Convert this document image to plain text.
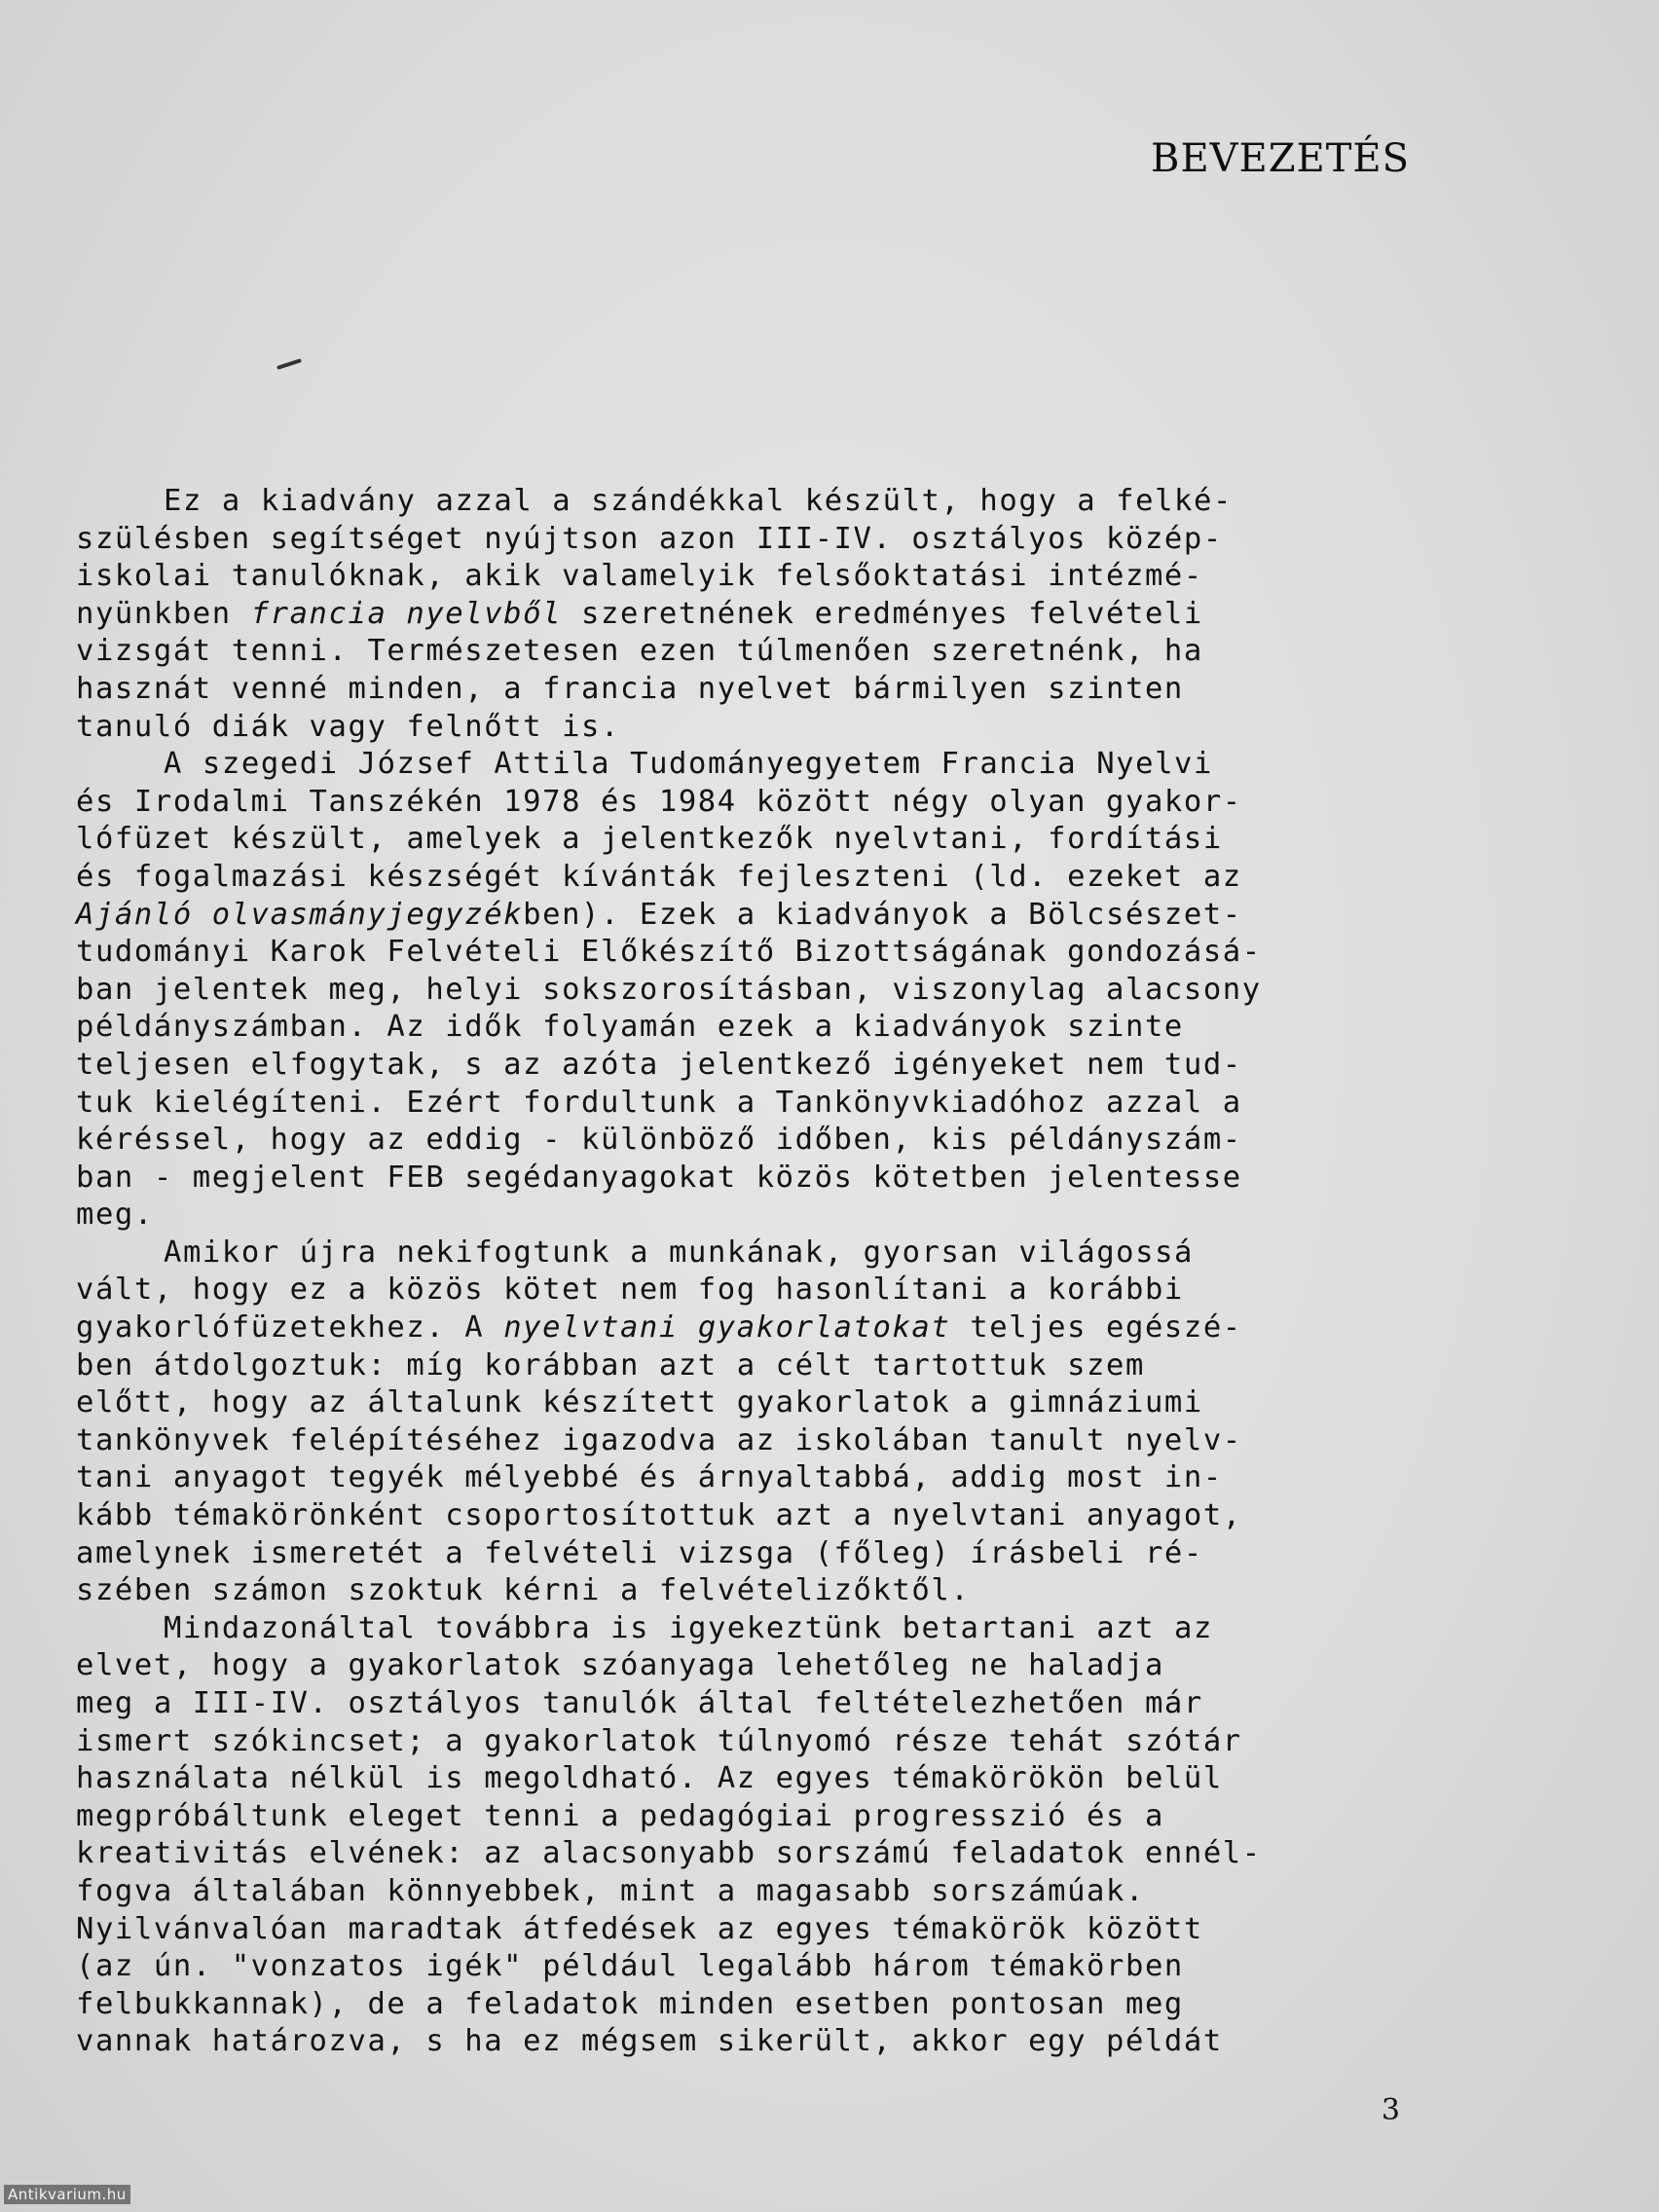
BEVEZETÉS
Ez a kiadvány azzal a szándékkal készült, hogy a felké-
szülésben segítséget nyújtson azon III-IV. osztályos közép-
iskolai tanulóknak, akik valamelyik felsőoktatási intézmé-
nyünkben francia nyelvből szeretnének eredményes felvételi
vizsgát tenni. Természetesen ezen túlmenően szeretnénk, ha
hasznát venné minden, a francia nyelvet bármilyen szinten
tanuló diák vagy felnőtt is.
A szegedi József Attila Tudományegyetem Francia Nyelvi
és Irodalmi Tanszékén 1978 és 1984 között négy olyan gyakor-
lófüzet készült, amelyek a jelentkezők nyelvtani, fordítási
és fogalmazási készségét kívánták fejleszteni (ld. ezeket az
Ajánló olvasmányjegyzékben). Ezek a kiadványok a Bölcsészet-
tudományi Karok Felvételi Előkészítő Bizottságának gondozásá-
ban jelentek meg, helyi sokszorosításban, viszonylag alacsony
példányszámban. Az idők folyamán ezek a kiadványok szinte
teljesen elfogytak, s az azóta jelentkező igényeket nem tud-
tuk kielégíteni. Ezért fordultunk a Tankönyvkiadóhoz azzal a
kéréssel, hogy az eddig - különböző időben, kis példányszám-
ban - megjelent FEB segédanyagokat közös kötetben jelentesse
meg.
Amikor újra nekifogtunk a munkának, gyorsan világossá
vált, hogy ez a közös kötet nem fog hasonlítani a korábbi
gyakorlófüzetekhez. A nyelvtani gyakorlatokat teljes egészé-
ben átdolgoztuk: míg korábban azt a célt tartottuk szem
előtt, hogy az általunk készített gyakorlatok a gimnáziumi
tankönyvek felépítéséhez igazodva az iskolában tanult nyelv-
tani anyagot tegyék mélyebbé és árnyaltabbá, addig most in-
kább témakörönként csoportosítottuk azt a nyelvtani anyagot,
amelynek ismeretét a felvételi vizsga (főleg) írásbeli ré-
szében számon szoktuk kérni a felvételizőktől.
Mindazonáltal továbbra is igyekeztünk betartani azt az
elvet, hogy a gyakorlatok szóanyaga lehetőleg ne haladja
meg a III-IV. osztályos tanulók által feltételezhetően már
ismert szókincset; a gyakorlatok túlnyomó része tehát szótár
használata nélkül is megoldható. Az egyes témakörökön belül
megpróbáltunk eleget tenni a pedagógiai progresszió és a
kreativitás elvének: az alacsonyabb sorszámú feladatok ennél-
fogva általában könnyebbek, mint a magasabb sorszámúak.
Nyilvánvalóan maradtak átfedések az egyes témakörök között
(az ún. "vonzatos igék" például legalább három témakörben
felbukkannak), de a feladatok minden esetben pontosan meg
vannak határozva, s ha ez mégsem sikerült, akkor egy példát
3
Antikvarium.hu
